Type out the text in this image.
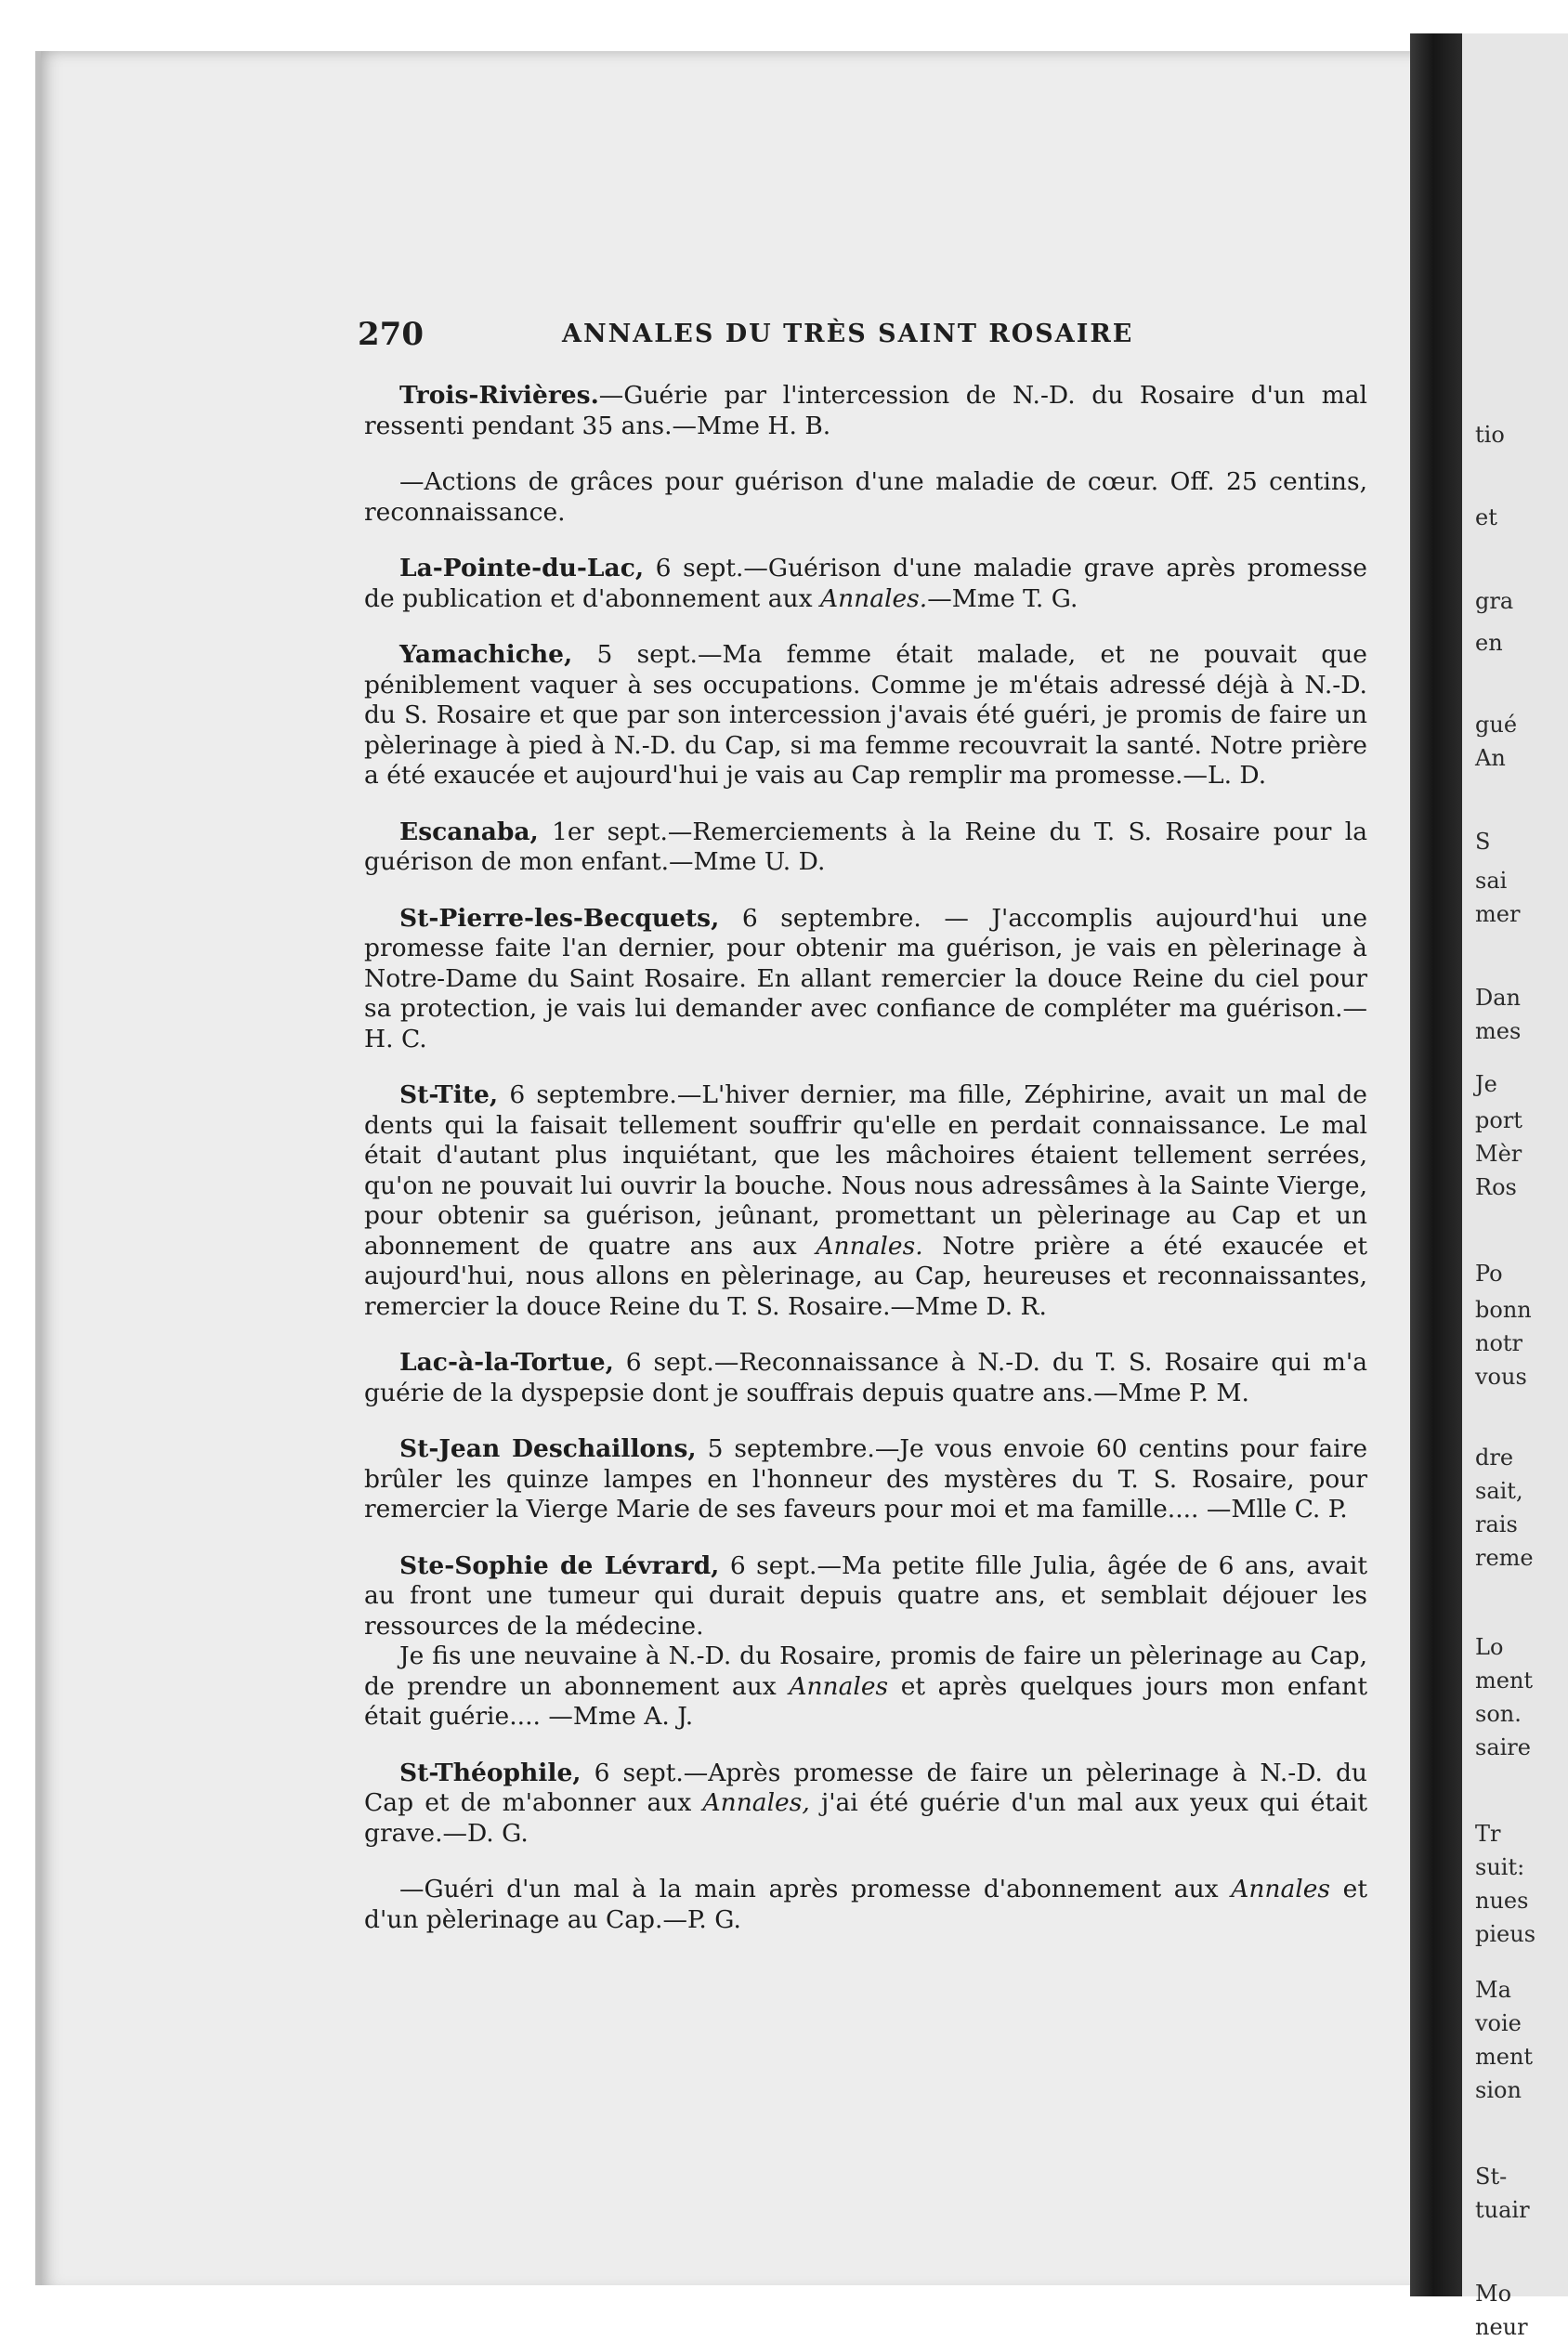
tio
et
gra
en
gué
An
S
sai
mer
Dan
mes
Je
port
Mèr
Ros
Po
bonn
notr
vous
dre
sait,
rais
reme
Lo
ment
son.
saire
Tr
suit:
nues
pieus
Ma
voie
ment
sion
St-
tuair
Mo
neur
270	ANNALES DU TRÈS SAINT ROSAIRE

Trois-Rivières.—Guérie par l'intercession de N.-D. du Rosaire d'un mal ressenti pendant 35 ans.—Mme H. B.

—Actions de grâces pour guérison d'une maladie de cœur. Off. 25 centins, reconnaissance.

La-Pointe-du-Lac, 6 sept.—Guérison d'une maladie grave après promesse de publication et d'abonnement aux Annales.—Mme T. G.

Yamachiche, 5 sept.—Ma femme était malade, et ne pouvait que péniblement vaquer à ses occupations. Comme je m'étais adressé déjà à N.-D. du S. Rosaire et que par son intercession j'avais été guéri, je promis de faire un pèlerinage à pied à N.-D. du Cap, si ma femme recouvrait la santé. Notre prière a été exaucée et aujourd'hui je vais au Cap remplir ma promesse.—L. D.

Escanaba, 1er sept.—Remerciements à la Reine du T. S. Rosaire pour la guérison de mon enfant.—Mme U. D.

St-Pierre-les-Becquets, 6 septembre. — J'accomplis aujourd'hui une promesse faite l'an dernier, pour obtenir ma guérison, je vais en pèlerinage à Notre-Dame du Saint Rosaire. En allant remercier la douce Reine du ciel pour sa protection, je vais lui demander avec confiance de compléter ma guérison.—H. C.

St-Tite, 6 septembre.—L'hiver dernier, ma fille, Zéphirine, avait un mal de dents qui la faisait tellement souffrir qu'elle en perdait connaissance. Le mal était d'autant plus inquiétant, que les mâchoires étaient tellement serrées, qu'on ne pouvait lui ouvrir la bouche. Nous nous adressâmes à la Sainte Vierge, pour obtenir sa guérison, jeûnant, promettant un pèlerinage au Cap et un abonnement de quatre ans aux Annales. Notre prière a été exaucée et aujourd'hui, nous allons en pèlerinage, au Cap, heureuses et reconnaissantes, remercier la douce Reine du T. S. Rosaire.—Mme D. R.

Lac-à-la-Tortue, 6 sept.—Reconnaissance à N.-D. du T. S. Rosaire qui m'a guérie de la dyspepsie dont je souffrais depuis quatre ans.—Mme P. M.

St-Jean Deschaillons, 5 septembre.—Je vous envoie 60 centins pour faire brûler les quinze lampes en l'honneur des mystères du T. S. Rosaire, pour remercier la Vierge Marie de ses faveurs pour moi et ma famille.... —Mlle C. P.

Ste-Sophie de Lévrard, 6 sept.—Ma petite fille Julia, âgée de 6 ans, avait au front une tumeur qui durait depuis quatre ans, et semblait déjouer les ressources de la médecine.

Je fis une neuvaine à N.-D. du Rosaire, promis de faire un pèlerinage au Cap, de prendre un abonnement aux Annales et après quelques jours mon enfant était guérie.... —Mme A. J.

St-Théophile, 6 sept.—Après promesse de faire un pèlerinage à N.-D. du Cap et de m'abonner aux Annales, j'ai été guérie d'un mal aux yeux qui était grave.—D. G.

—Guéri d'un mal à la main après promesse d'abonnement aux Annales et d'un pèlerinage au Cap.—P. G.
